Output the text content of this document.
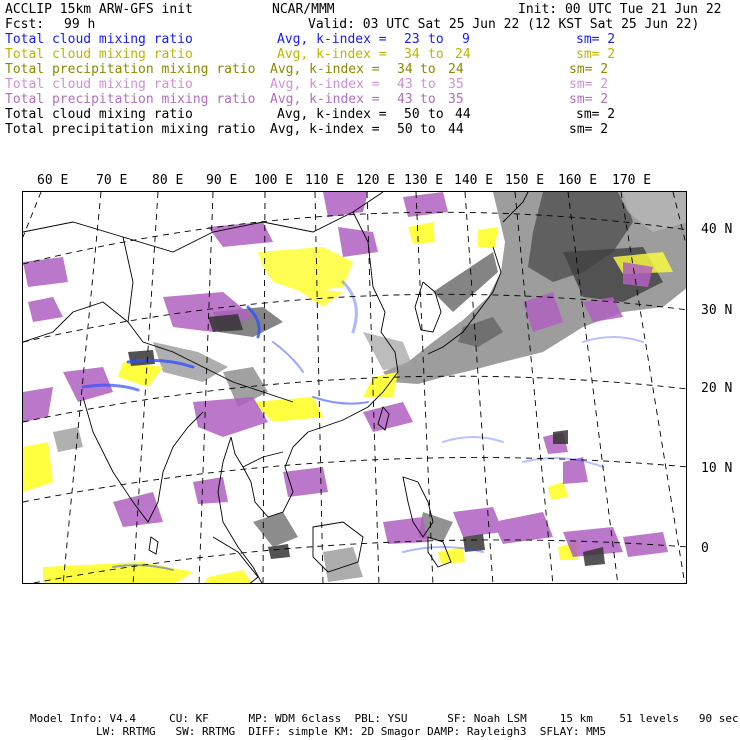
ACCLIP 15km ARW-GFS init	NCAR/MMM	Init: 00 UTC Tue 21 Jun 22
Fcst: 99 h	Valid: 03 UTC Sat 25 Jun 22 (12 KST Sat 25 Jun 22)
Total cloud mixing ratio	Avg, k-index = 23 to 9	sm= 2
Total cloud mixing ratio	Avg, k-index = 34 to 24	sm= 2
Total precipitation mixing ratio Avg, k-index = 34 to 24	sm= 2
Total cloud mixing ratio	Avg, k-index = 43 to 35	sm= 2
Total precipitation mixing ratio Avg, k-index = 43 to 35	sm= 2
Total cloud mixing ratio	Avg, k-index = 50 to 44	sm= 2
Total precipitation mixing ratio Avg, k-index = 50 to 44	sm= 2
60 E 70 E 80 E 90 E 100 E 110 E 120 E 130 E 140 E 150 E 160 E 170 E
40 N
30 N
20 N
10 N
0
Model Info: V4.4     CU: KF      MP: WDM 6class  PBL: YSU      SF: Noah LSM     15 km    51 levels   90 sec
LW: RRTMG   SW: RRTMG  DIFF: simple KM: 2D Smagor DAMP: Rayleigh3  SFLAY: MM5
